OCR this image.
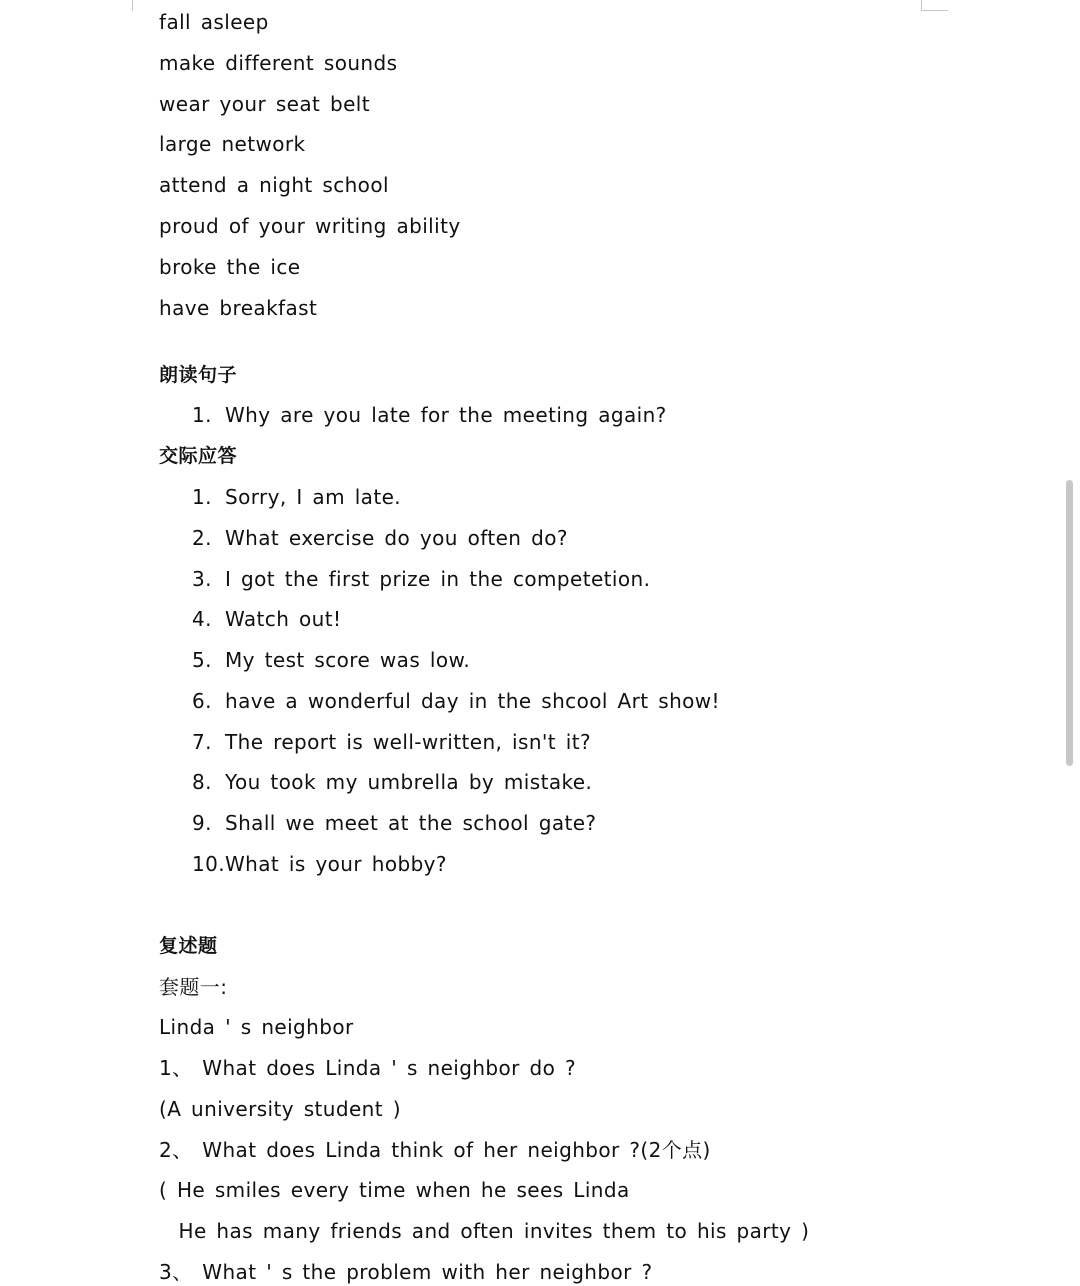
fall asleep
make different sounds
wear your seat belt
large network
attend a night school
proud of your writing ability
broke the ice
have breakfast
朗读句子
1. Why are you late for the meeting again?
交际应答
1. Sorry, I am late.
2. What exercise do you often do?
3. I got the first prize in the competetion.
4. Watch out!
5. My test score was low.
6. have a wonderful day in the shcool Art show!
7. The report is well-written, isn't it?
8. You took my umbrella by mistake.
9. Shall we meet at the school gate?
10.What is your hobby?
复述题
套题一:
Linda ' s neighbor
1、 What does Linda ' s neighbor do ?
(A university student )
2、 What does Linda think of her neighbor ?(2个点)
( He smiles every time when he sees Linda
He has many friends and often invites them to his party )
3、 What ' s the problem with her neighbor ?
